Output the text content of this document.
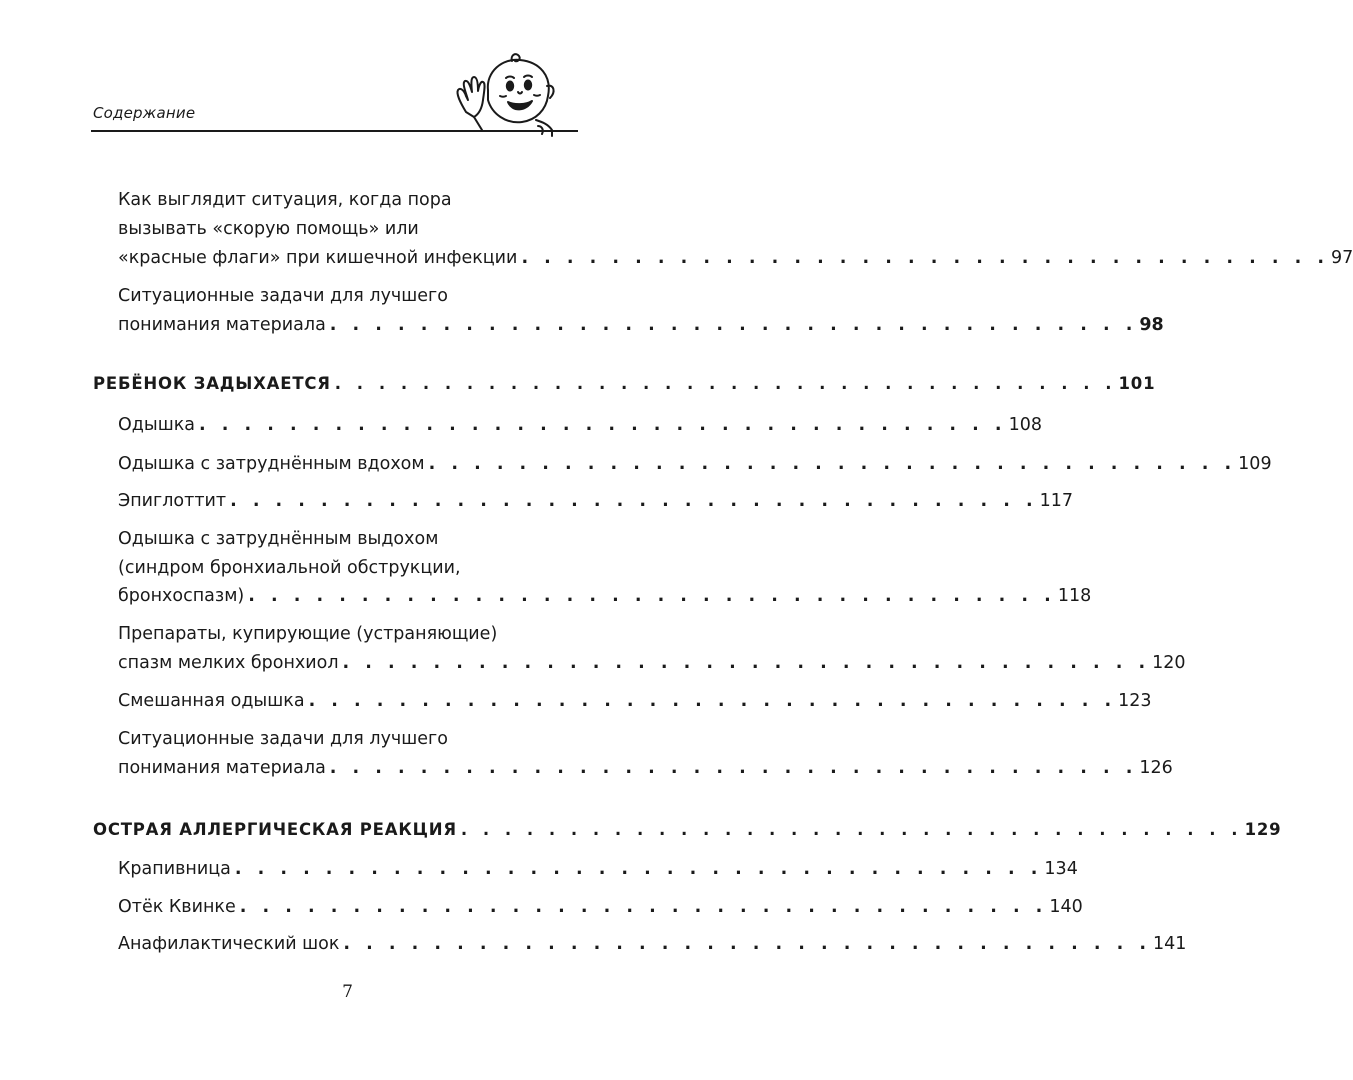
Содержание
Как выглядит ситуация, когда пора
вызывать «скорую помощь» или
«красные флаги» при кишечной инфекции . . . . . . . . . . . . . . . . . . . . . . . . . . . . . . . . . . . . 97
Ситуационные задачи для лучшего
понимания материала . . . . . . . . . . . . . . . . . . . . . . . . . . . . . . . . . . . . 98
РЕБЁНОК ЗАДЫХАЕТСЯ . . . . . . . . . . . . . . . . . . . . . . . . . . . . . . . . . . . . 101
Одышка . . . . . . . . . . . . . . . . . . . . . . . . . . . . . . . . . . . . 108
Одышка с затруднённым вдохом . . . . . . . . . . . . . . . . . . . . . . . . . . . . . . . . . . . . 109
Эпиглоттит . . . . . . . . . . . . . . . . . . . . . . . . . . . . . . . . . . . . 117
Одышка с затруднённым выдохом
(синдром бронхиальной обструкции,
бронхоспазм) . . . . . . . . . . . . . . . . . . . . . . . . . . . . . . . . . . . . 118
Препараты, купирующие (устраняющие)
спазм мелких бронхиол . . . . . . . . . . . . . . . . . . . . . . . . . . . . . . . . . . . . 120
Смешанная одышка . . . . . . . . . . . . . . . . . . . . . . . . . . . . . . . . . . . . 123
Ситуационные задачи для лучшего
понимания материала . . . . . . . . . . . . . . . . . . . . . . . . . . . . . . . . . . . . 126
ОСТРАЯ АЛЛЕРГИЧЕСКАЯ РЕАКЦИЯ . . . . . . . . . . . . . . . . . . . . . . . . . . . . . . . . . . . . 129
Крапивница . . . . . . . . . . . . . . . . . . . . . . . . . . . . . . . . . . . . 134
Отёк Квинке . . . . . . . . . . . . . . . . . . . . . . . . . . . . . . . . . . . . 140
Анафилактический шок . . . . . . . . . . . . . . . . . . . . . . . . . . . . . . . . . . . . 141
7
